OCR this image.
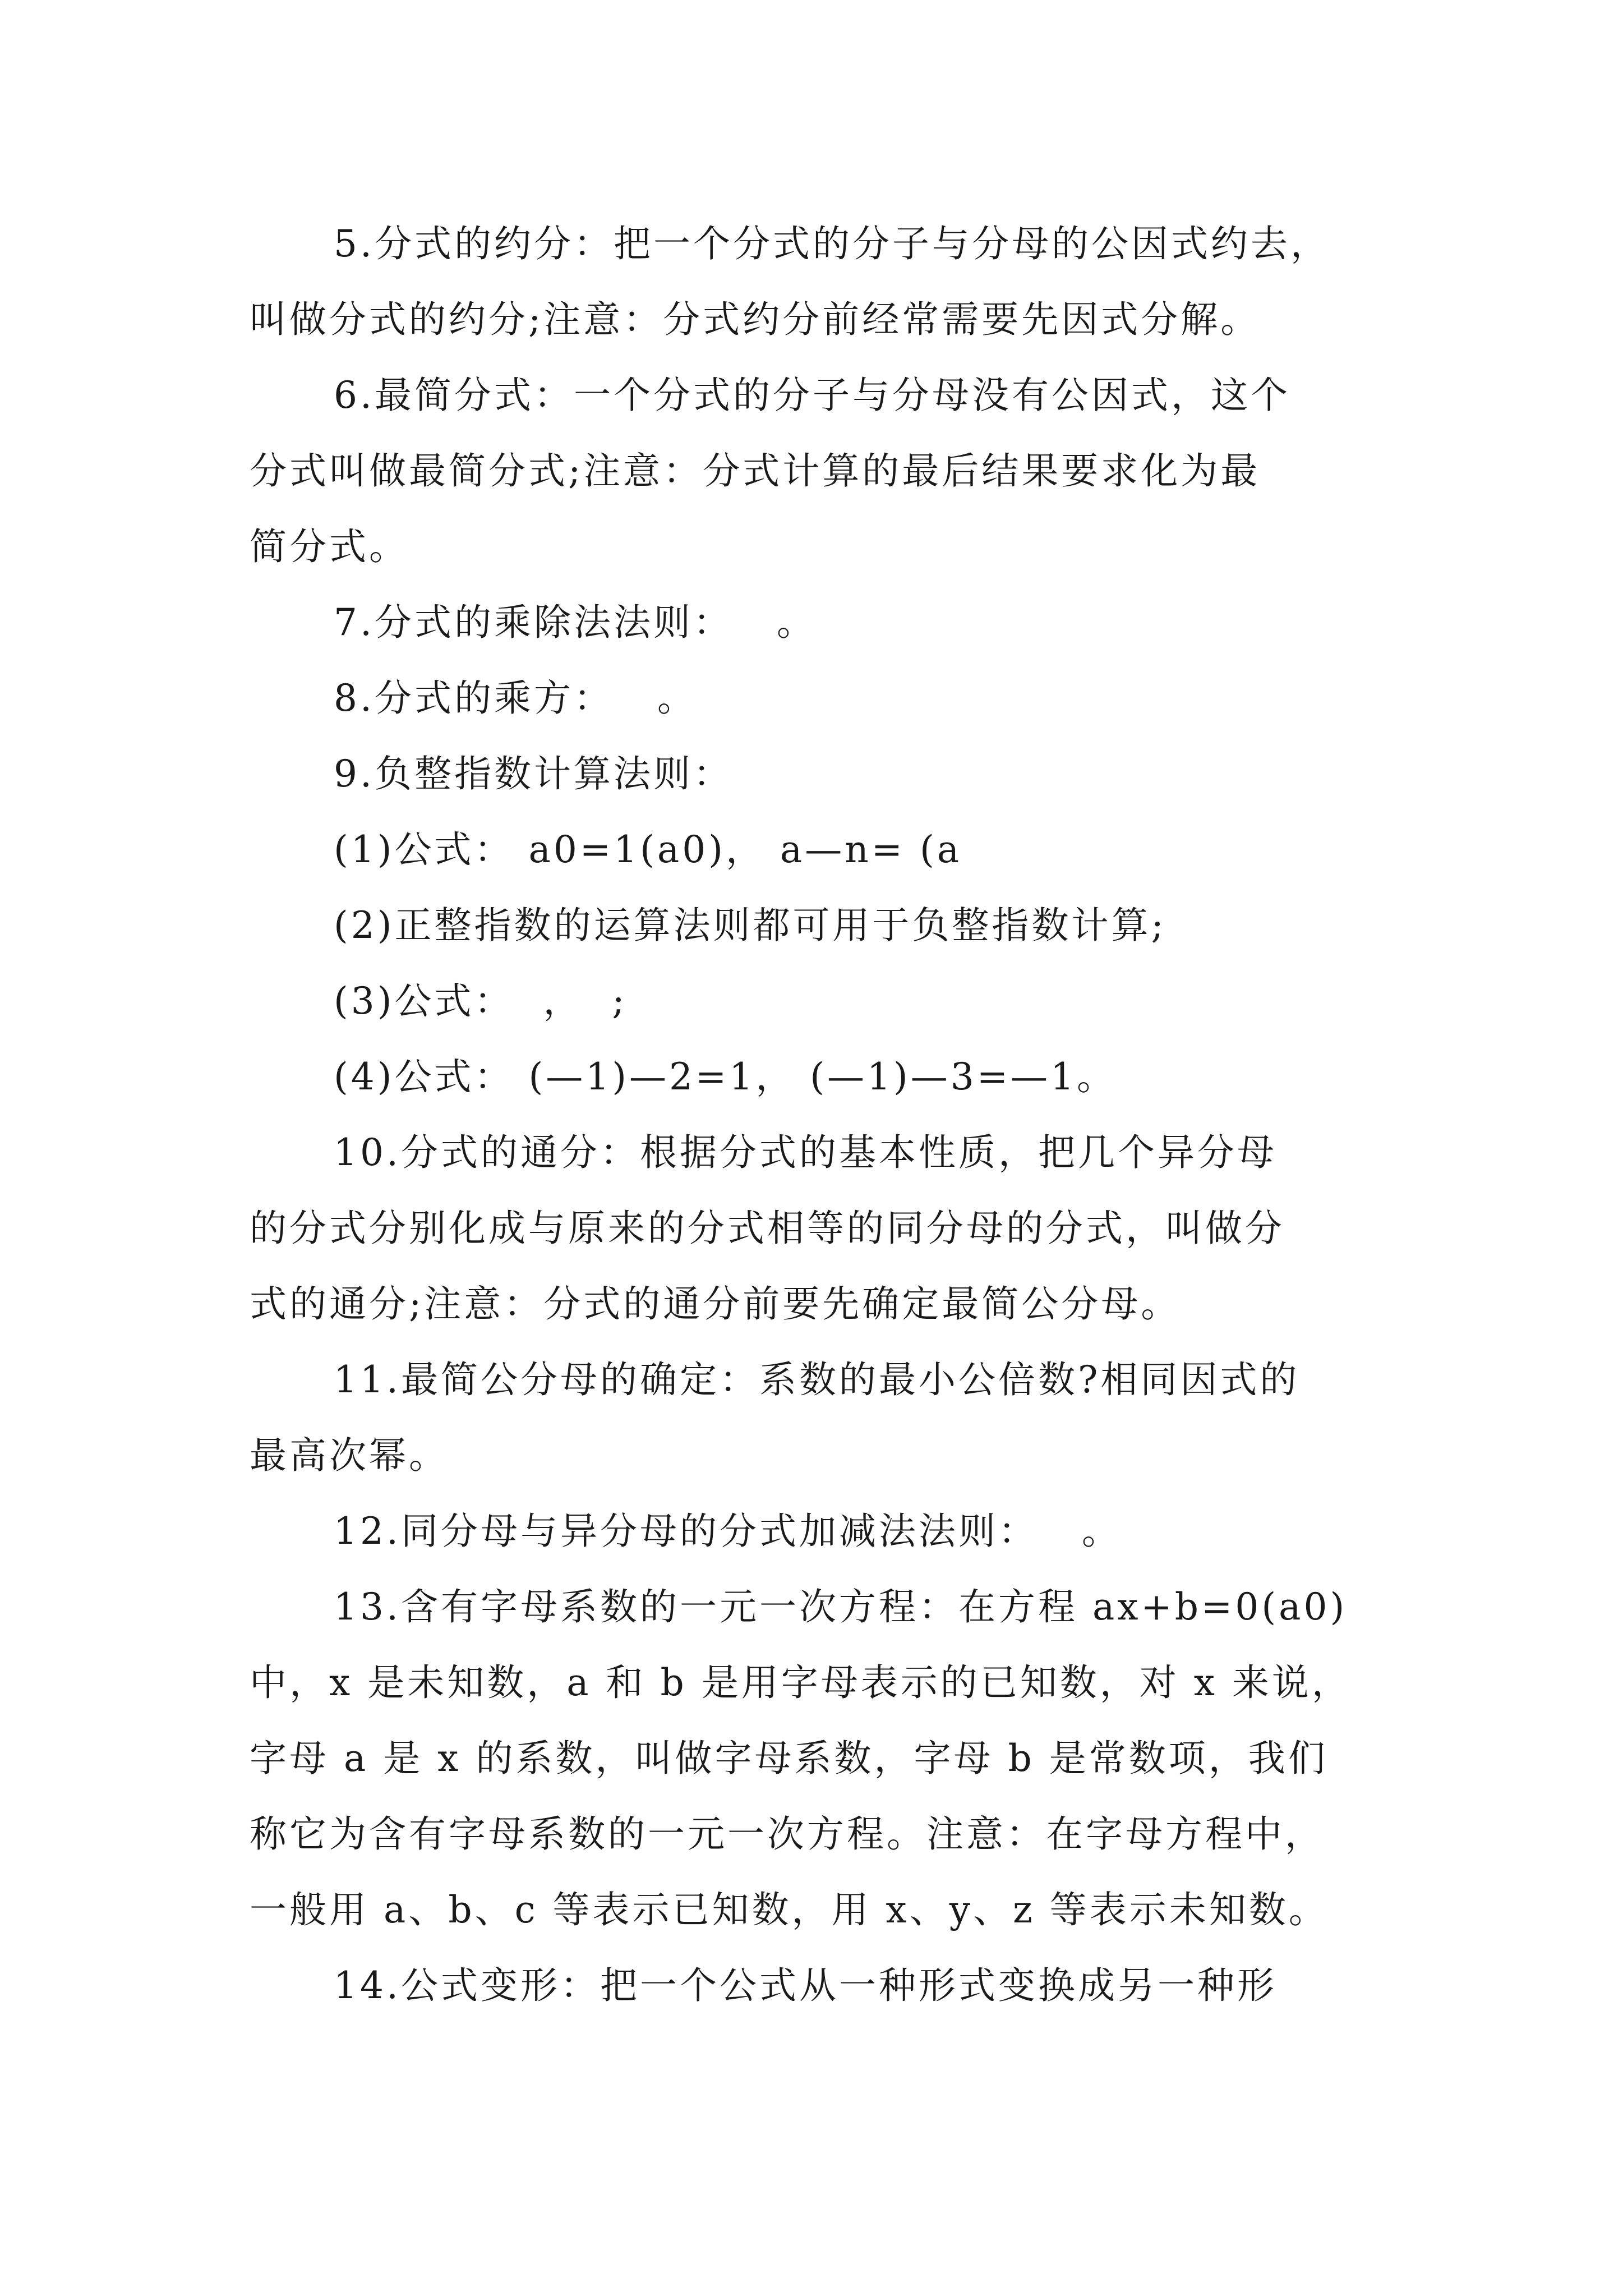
5.分式的约分：把一个分式的分子与分母的公因式约去，
叫做分式的约分;注意：分式约分前经常需要先因式分解。
6.最简分式：一个分式的分子与分母没有公因式，这个
分式叫做最简分式;注意：分式计算的最后结果要求化为最
简分式。
7.分式的乘除法法则：   。
8.分式的乘方：   。
9.负整指数计算法则：
(1)公式： a0=1(a0)， a—n= (a
(2)正整指数的运算法则都可用于负整指数计算;
(3)公式：  ，  ;
(4)公式： (—1)—2=1， (—1)—3=—1。
10.分式的通分：根据分式的基本性质，把几个异分母
的分式分别化成与原来的分式相等的同分母的分式，叫做分
式的通分;注意：分式的通分前要先确定最简公分母。
11.最简公分母的确定：系数的最小公倍数?相同因式的
最高次幂。
12.同分母与异分母的分式加减法法则：   。
13.含有字母系数的一元一次方程：在方程 ax+b=0(a0)
中，x 是未知数，a 和 b 是用字母表示的已知数，对 x 来说，
字母 a 是 x 的系数，叫做字母系数，字母 b 是常数项，我们
称它为含有字母系数的一元一次方程。注意：在字母方程中，
一般用 a、b、c 等表示已知数，用 x、y、z 等表示未知数。
14.公式变形：把一个公式从一种形式变换成另一种形
